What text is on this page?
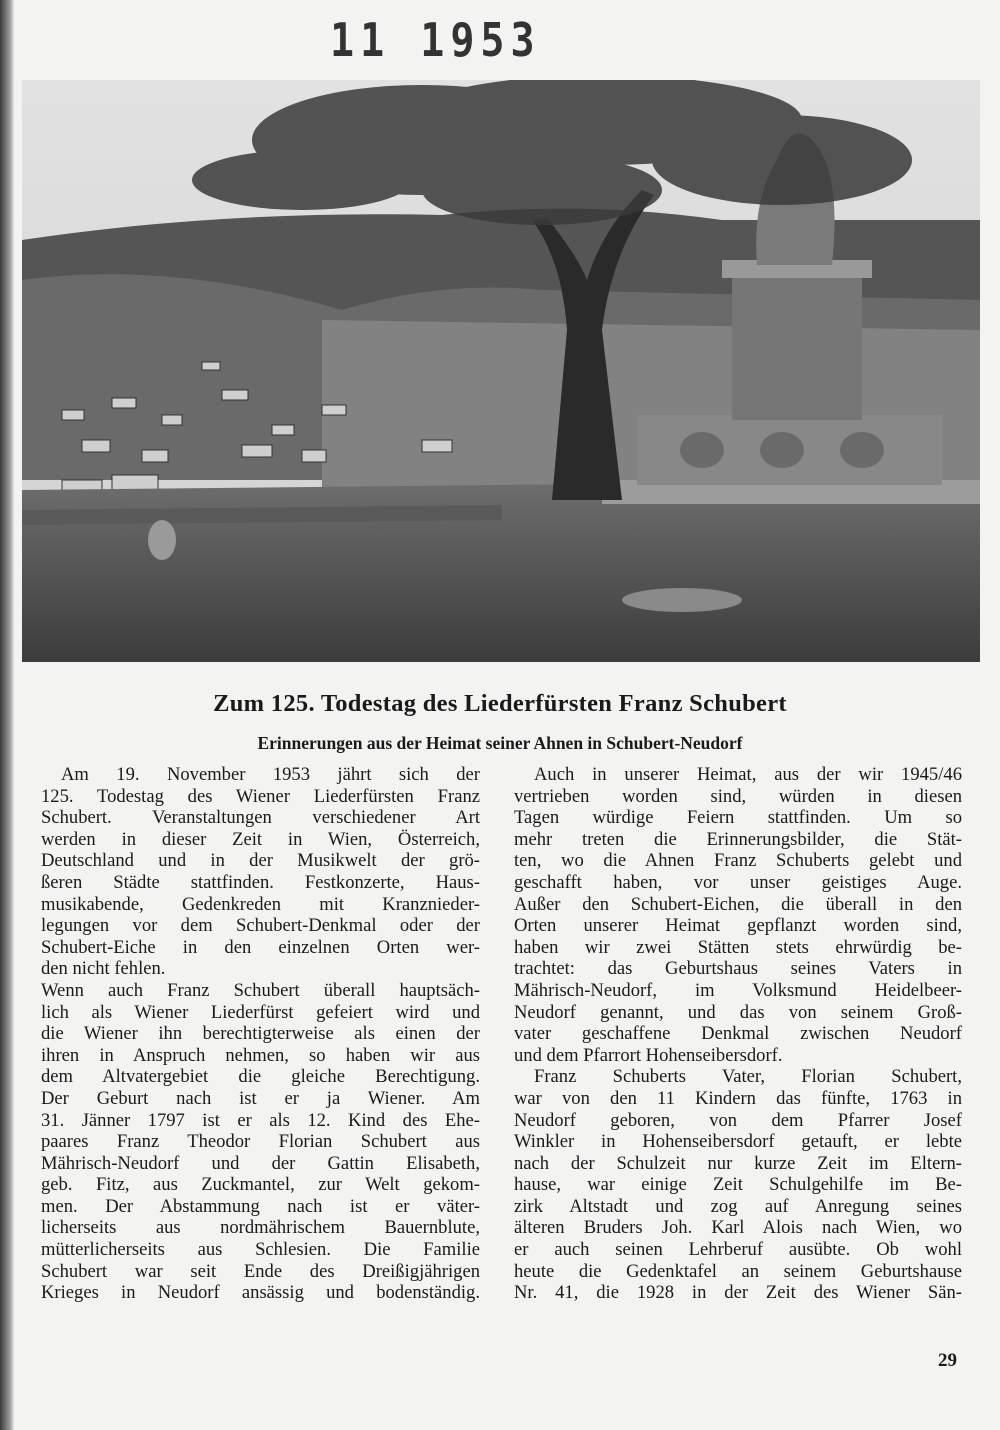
11 1953
Zum 125. Todestag des Liederfürsten Franz Schubert
Erinnerungen aus der Heimat seiner Ahnen in Schubert-Neudorf
Am 19. November 1953 jährt sich der
125. Todestag des Wiener Liederfürsten Franz
Schubert. Veranstaltungen verschiedener Art
werden in dieser Zeit in Wien, Österreich,
Deutschland und in der Musikwelt der grö-
ßeren Städte stattfinden. Festkonzerte, Haus-
musikabende, Gedenkreden mit Kranznieder-
legungen vor dem Schubert-Denkmal oder der
Schubert-Eiche in den einzelnen Orten wer-
den nicht fehlen.
Wenn auch Franz Schubert überall hauptsäch-
lich als Wiener Liederfürst gefeiert wird und
die Wiener ihn berechtigterweise als einen der
ihren in Anspruch nehmen, so haben wir aus
dem Altvatergebiet die gleiche Berechtigung.
Der Geburt nach ist er ja Wiener. Am
31. Jänner 1797 ist er als 12. Kind des Ehe-
paares Franz Theodor Florian Schubert aus
Mährisch-Neudorf und der Gattin Elisabeth,
geb. Fitz, aus Zuckmantel, zur Welt gekom-
men. Der Abstammung nach ist er väter-
licherseits aus nordmährischem Bauernblute,
mütterlicherseits aus Schlesien. Die Familie
Schubert war seit Ende des Dreißigjährigen
Krieges in Neudorf ansässig und bodenständig.
Auch in unserer Heimat, aus der wir 1945/46
vertrieben worden sind, würden in diesen
Tagen würdige Feiern stattfinden. Um so
mehr treten die Erinnerungsbilder, die Stät-
ten, wo die Ahnen Franz Schuberts gelebt und
geschafft haben, vor unser geistiges Auge.
Außer den Schubert-Eichen, die überall in den
Orten unserer Heimat gepflanzt worden sind,
haben wir zwei Stätten stets ehrwürdig be-
trachtet: das Geburtshaus seines Vaters in
Mährisch-Neudorf, im Volksmund Heidelbeer-
Neudorf genannt, und das von seinem Groß-
vater geschaffene Denkmal zwischen Neudorf
und dem Pfarrort Hohenseibersdorf.
Franz Schuberts Vater, Florian Schubert,
war von den 11 Kindern das fünfte, 1763 in
Neudorf geboren, von dem Pfarrer Josef
Winkler in Hohenseibersdorf getauft, er lebte
nach der Schulzeit nur kurze Zeit im Eltern-
hause, war einige Zeit Schulgehilfe im Be-
zirk Altstadt und zog auf Anregung seines
älteren Bruders Joh. Karl Alois nach Wien, wo
er auch seinen Lehrberuf ausübte. Ob wohl
heute die Gedenktafel an seinem Geburtshause
Nr. 41, die 1928 in der Zeit des Wiener Sän-
29
